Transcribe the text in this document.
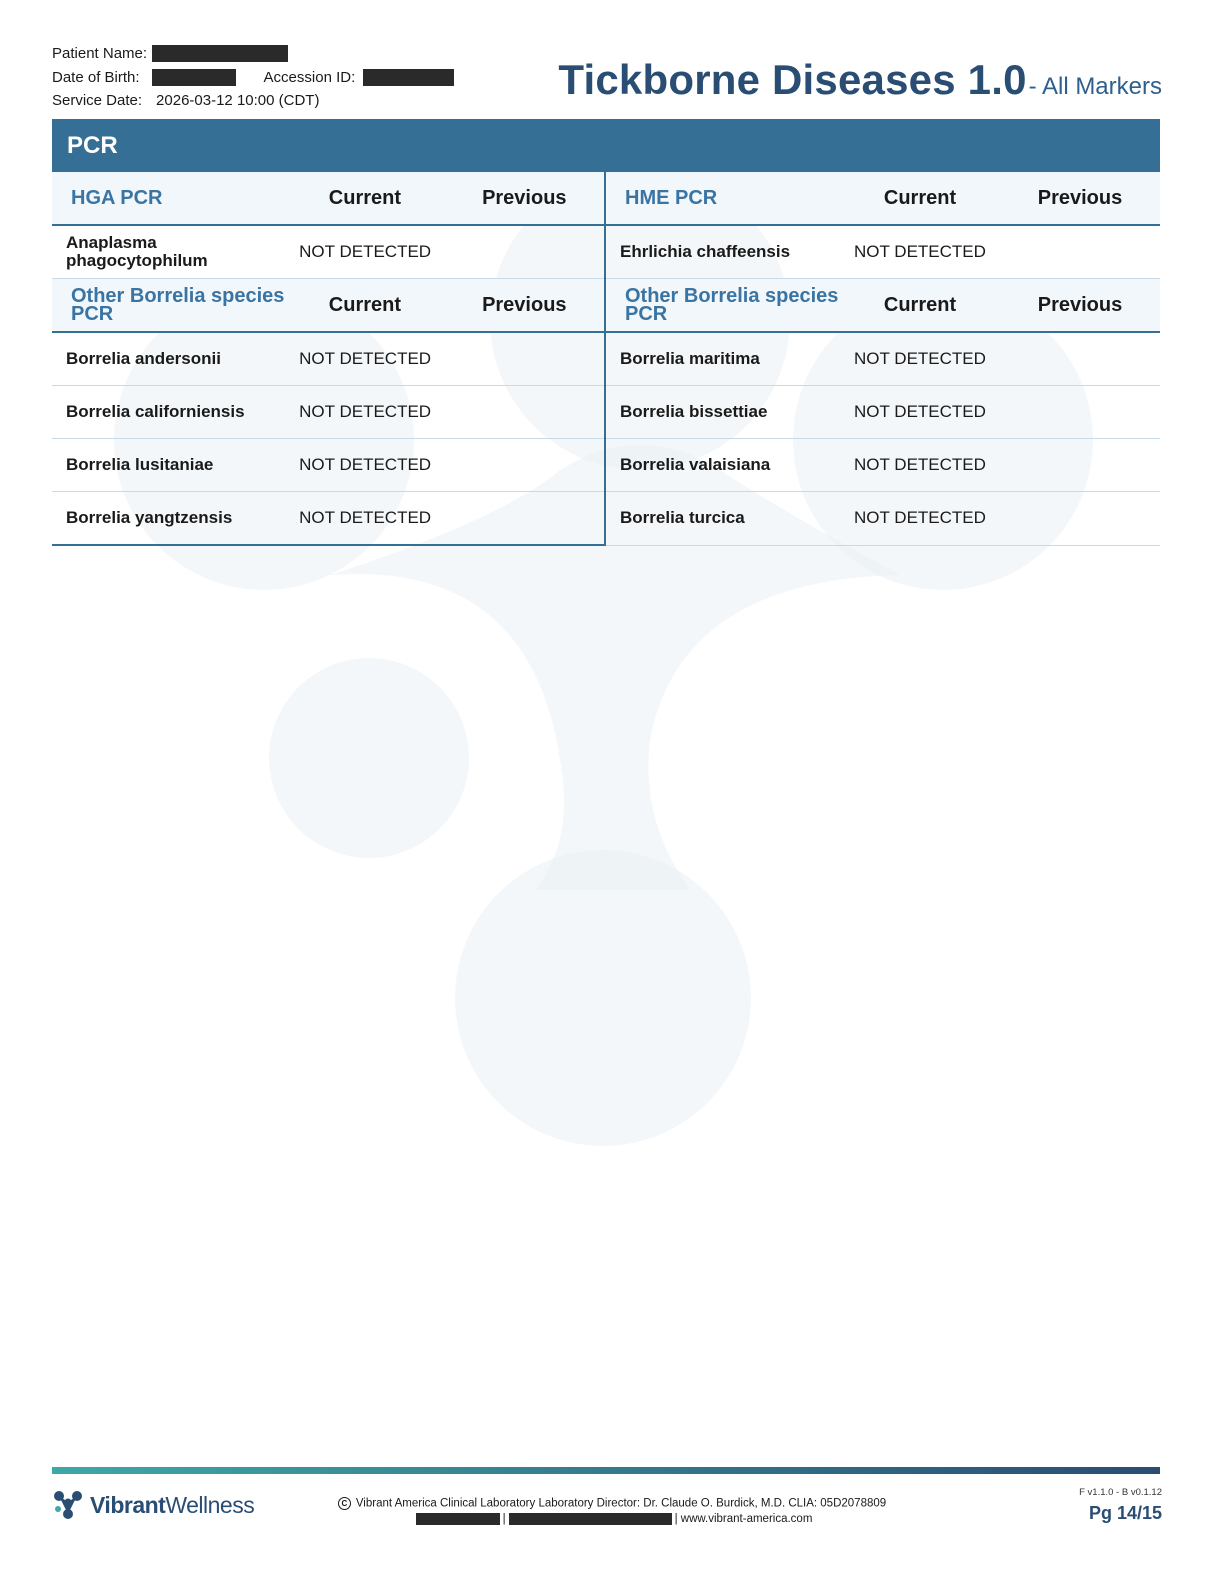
Patient Name:
Date of Birth:	Accession ID:
Service Date: 2026-03-12 10:00 (CDT)	Tickborne Diseases 1.0 - All Markers
PCR
HGA PCR	Current	Previous
Anaplasma phagocytophilum	NOT DETECTED
Other Borrelia species PCR	Current	Previous
Borrelia andersonii	NOT DETECTED
Borrelia californiensis	NOT DETECTED
Borrelia lusitaniae	NOT DETECTED
Borrelia yangtzensis	NOT DETECTED
HME PCR	Current	Previous
Ehrlichia chaffeensis	NOT DETECTED
Other Borrelia species PCR	Current	Previous
Borrelia maritima	NOT DETECTED
Borrelia bissettiae	NOT DETECTED
Borrelia valaisiana	NOT DETECTED
Borrelia turcica	NOT DETECTED
VibrantWellness	C Vibrant America Clinical Laboratory Laboratory Director: Dr. Claude O. Burdick, M.D. CLIA: 05D2078809
|	| www.vibrant-america.com
F v1.1.0 - B v0.1.12
Pg 14/15
